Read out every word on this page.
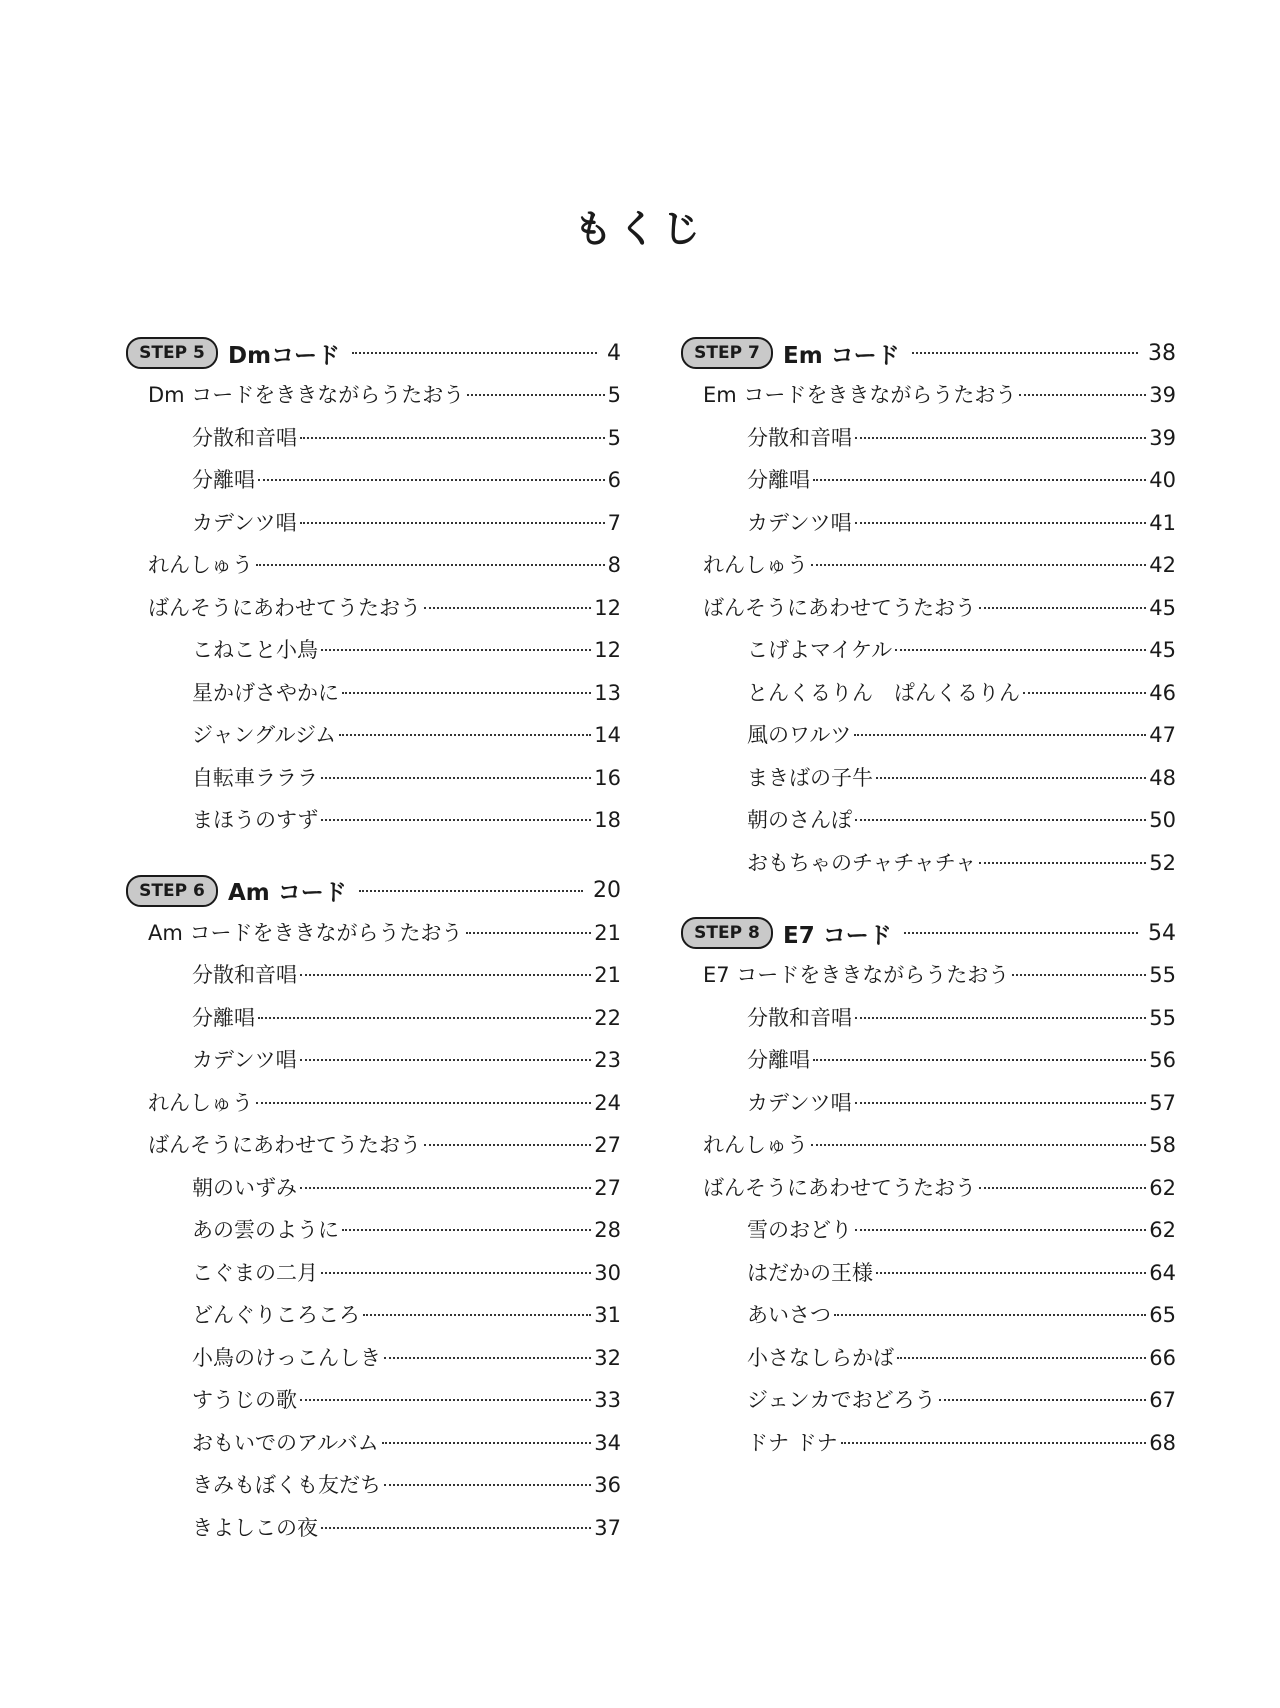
もくじ
STEP 5	Dmコード	4
Dm コードをききながらうたおう	5
分散和音唱	5
分離唱	6
カデンツ唱	7
れんしゅう	8
ばんそうにあわせてうたおう	12
こねこと小鳥	12
星かげさやかに	13
ジャングルジム	14
自転車ラララ	16
まほうのすず	18
STEP 6	Am コード	20
Am コードをききながらうたおう	21
分散和音唱	21
分離唱	22
カデンツ唱	23
れんしゅう	24
ばんそうにあわせてうたおう	27
朝のいずみ	27
あの雲のように	28
こぐまの二月	30
どんぐりころころ	31
小鳥のけっこんしき	32
すうじの歌	33
おもいでのアルバム	34
きみもぼくも友だち	36
きよしこの夜	37
STEP 7	Em コード	38
Em コードをききながらうたおう	39
分散和音唱	39
分離唱	40
カデンツ唱	41
れんしゅう	42
ばんそうにあわせてうたおう	45
こげよマイケル	45
とんくるりん　ぱんくるりん	46
風のワルツ	47
まきばの子牛	48
朝のさんぽ	50
おもちゃのチャチャチャ	52
STEP 8	E7 コード	54
E7 コードをききながらうたおう	55
分散和音唱	55
分離唱	56
カデンツ唱	57
れんしゅう	58
ばんそうにあわせてうたおう	62
雪のおどり	62
はだかの王様	64
あいさつ	65
小さなしらかば	66
ジェンカでおどろう	67
ドナ ドナ	68
